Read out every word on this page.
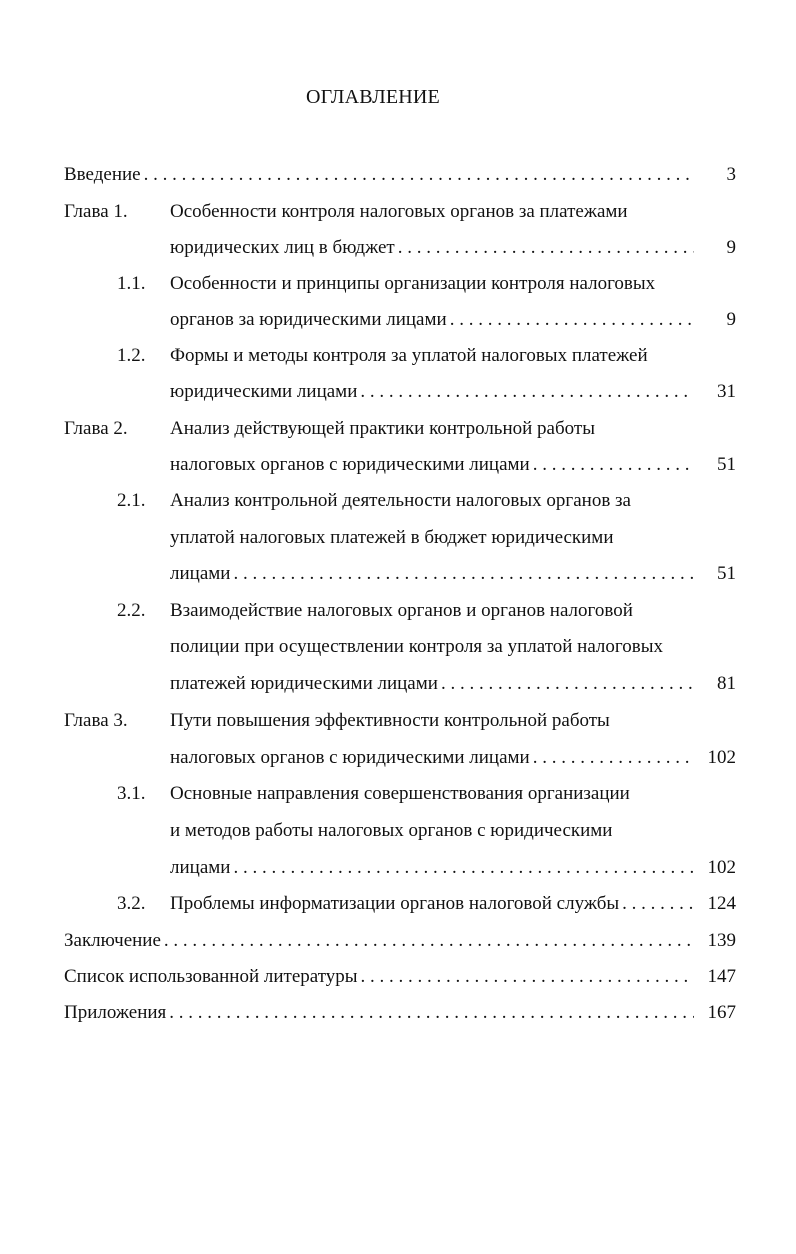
ОГЛАВЛЕНИЕ
Введение . . .	3
Глава 1. Особенности контроля налоговых органов за платежами
юридических лиц в бюджет . . .	9
1.1. Особенности и принципы организации контроля налоговых
органов за юридическими лицами . . .	9
1.2. Формы и методы контроля за уплатой налоговых платежей
юридическими лицами . . .	31
Глава 2. Анализ действующей практики контрольной работы
налоговых органов с юридическими лицами . . .	51
2.1. Анализ контрольной деятельности налоговых органов за
уплатой налоговых платежей в бюджет юридическими
лицами . . .	51
2.2. Взаимодействие налоговых органов и органов налоговой
полиции при осуществлении контроля за уплатой налоговых
платежей юридическими лицами . . .	81
Глава 3. Пути повышения эффективности контрольной работы
налоговых органов с юридическими лицами . . .	102
3.1. Основные направления совершенствования организации
и методов работы налоговых органов с юридическими
лицами . . .	102
3.2. Проблемы информатизации органов налоговой службы . . .	124
Заключение . . .	139
Список использованной литературы . . .	147
Приложения . . .	167
